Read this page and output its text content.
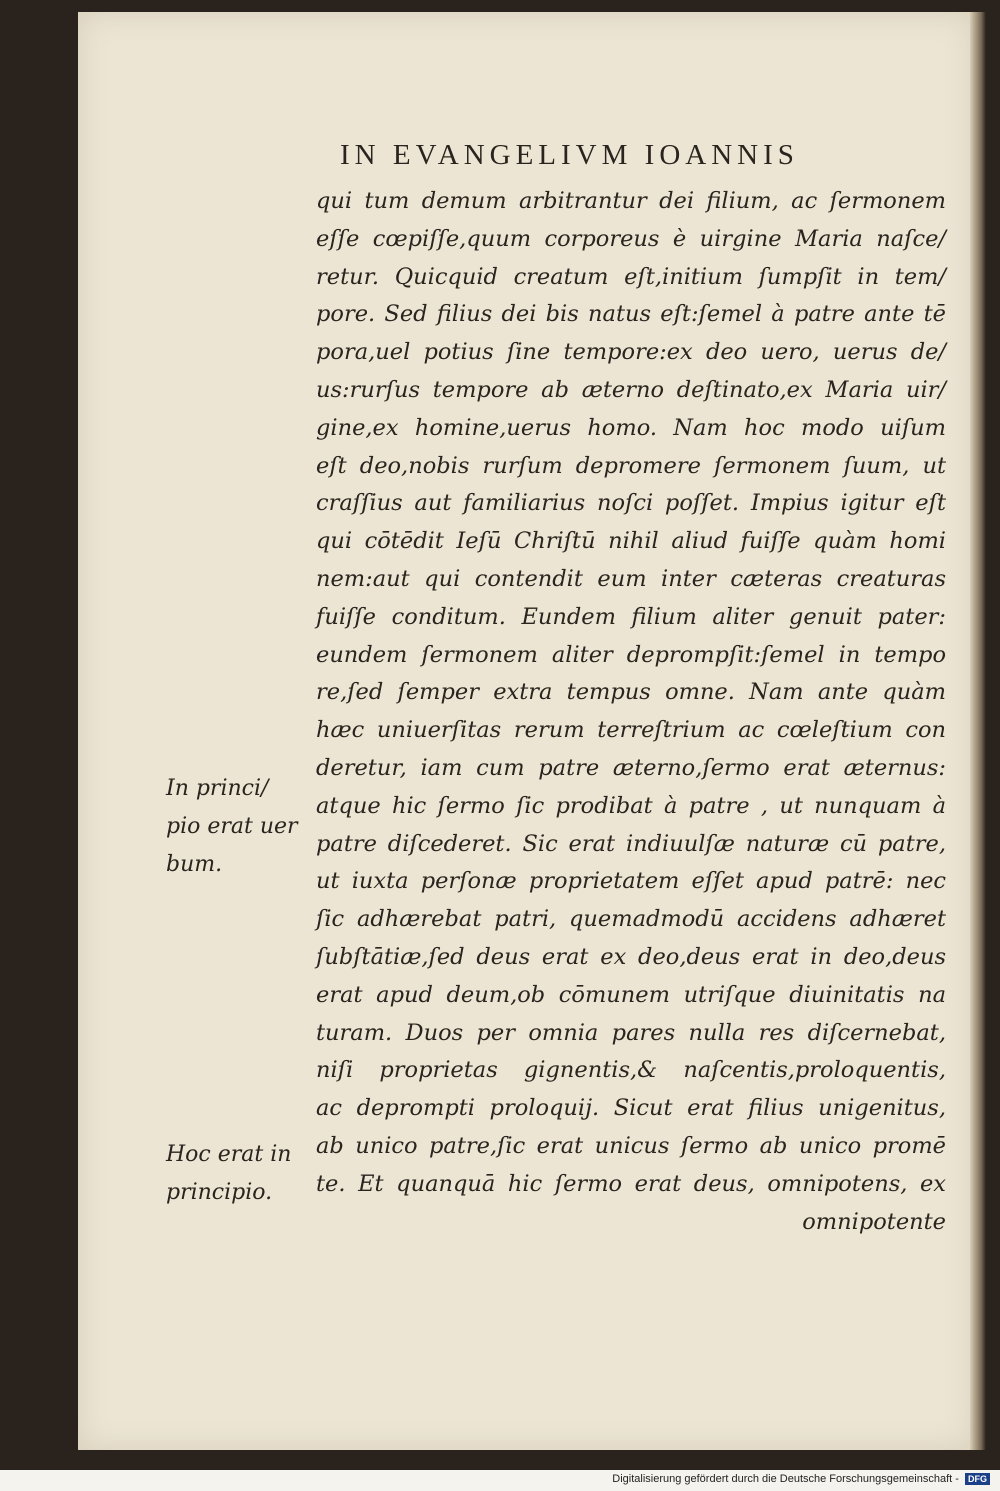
IN EVANGELIVM IOANNIS
qui tum demum arbitrantur dei filium, ac ſermonem
eſſe cœpiſſe,quum corporeus è uirgine Maria naſce/
retur. Quicquid creatum eſt,initium ſumpſit in tem/
pore. Sed filius dei bis natus eſt:ſemel à patre ante tē
pora,uel potius ſine tempore:ex deo uero, uerus de/
us:rurſus tempore ab æterno deſtinato,ex Maria uir/
gine,ex homine,uerus homo. Nam hoc modo uiſum
eſt deo,nobis rurſum depromere ſermonem ſuum, ut
craſſius aut familiarius noſci poſſet. Impius igitur eſt
qui cōtēdit Ieſū Chriſtū nihil aliud fuiſſe quàm homi
nem:aut qui contendit eum inter cæteras creaturas
fuiſſe conditum. Eundem filium aliter genuit pater:
eundem ſermonem aliter deprompſit:ſemel in tempo
re,ſed ſemper extra tempus omne. Nam ante quàm
hæc uniuerſitas rerum terreſtrium ac cœleſtium con
deretur, iam cum patre æterno,ſermo erat æternus:
atque hic ſermo ſic prodibat à patre , ut nunquam à
patre diſcederet. Sic erat indiuulſæ naturæ cū patre,
ut iuxta perſonæ proprietatem eſſet apud patrē: nec
ſic adhærebat patri, quemadmodū accidens adhæret
ſubſtātiæ,ſed deus erat ex deo,deus erat in deo,deus
erat apud deum,ob cōmunem utriſque diuinitatis na
turam. Duos per omnia pares nulla res diſcernebat,
niſi proprietas gignentis,& naſcentis,proloquentis,
ac deprompti proloquij. Sicut erat filius unigenitus,
ab unico patre,ſic erat unicus ſermo ab unico promē
te. Et quanquā hic ſermo erat deus, omnipotens, ex
omnipotente
In princi/
pio erat uer
bum.
Hoc erat in
principio.
Digitalisierung gefördert durch die Deutsche Forschungsgemeinschaft - DFG
